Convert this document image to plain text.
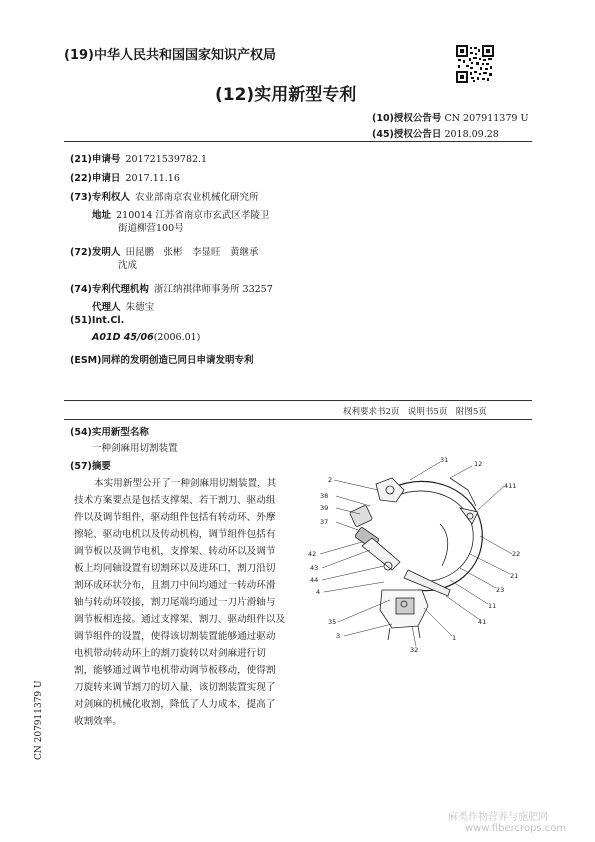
(19)中华人民共和国国家知识产权局
(12)实用新型专利
(10)授权公告号 CN 207911379 U
(45)授权公告日 2018.09.28
(21)申请号 201721539782.1
(22)申请日 2017.11.16
(73)专利权人 农业部南京农业机械化研究所
地址 210014 江苏省南京市玄武区孝陵卫
街道柳营100号
(72)发明人 田昆鹏　张彬　李显旺　黄继承
沈成
(74)专利代理机构 浙江纳祺律师事务所 33257
代理人 朱德宝
(51)Int.Cl.
A01D 45/06(2006.01)
(ESM)同样的发明创造已同日申请发明专利
权利要求书2页　说明书5页　附图5页
(54)实用新型名称
一种剑麻用切割装置
(57)摘要
本实用新型公开了一种剑麻用切割装置，其
技术方案要点是包括支撑架、若干割刀、驱动组
件以及调节组件，驱动组件包括有转动环、外摩
擦轮、驱动电机以及传动机构，调节组件包括有
调节板以及调节电机，支撑架、转动环以及调节
板上均同轴设置有切割环以及进环口，割刀沿切
割环成环状分布，且割刀中间均通过一转动环滑
轴与转动环铰接，割刀尾端均通过一刀片滑轴与
调节板相连接。通过支撑架、割刀、驱动组件以及
调节组件的设置，使得该切割装置能够通过驱动
电机带动转动环上的割刀旋转以对剑麻进行切
割，能够通过调节电机带动调节板移动，使得割
刀旋转来调节割刀的切入量，该切割装置实现了
对剑麻的机械化收割，降低了人力成本，提高了
收割效率。
2
31	12
38
39
37
411
42
43
44
4
35
3
32
1
41
11
23
21
22
CN 207911379 U
麻类作物营养与施肥网
www.fibercrops.com
